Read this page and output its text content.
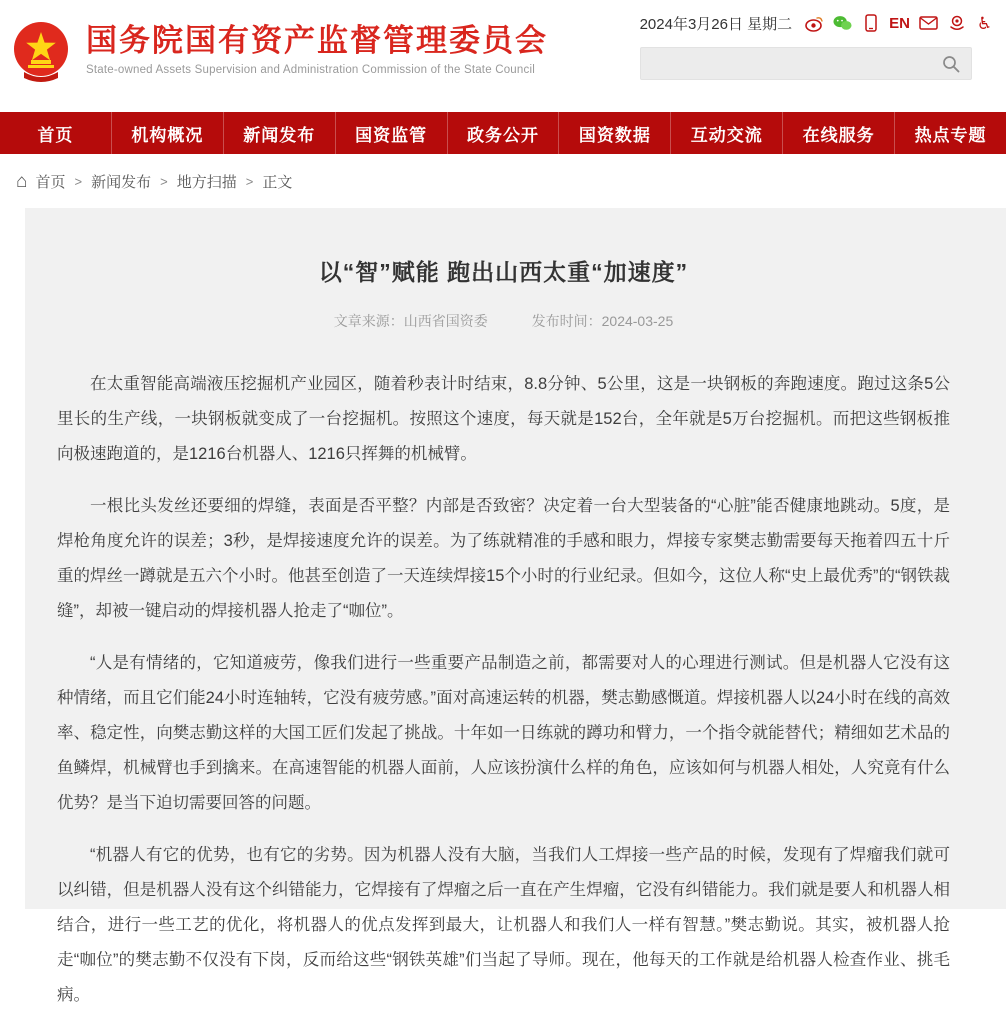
国务院国有资产监督管理委员会
State-owned Assets Supervision and Administration Commission of the State Council
2024年3月26日 星期二	EN	♿
首页	机构概况	新闻发布	国资监管	政务公开	国资数据	互动交流	在线服务	热点专题
⌂ 首页 > 新闻发布 > 地方扫描 > 正文
以“智”赋能 跑出山西太重“加速度”
文章来源：山西省国资委	发布时间：2024-03-25

在太重智能高端液压挖掘机产业园区，随着秒表计时结束，8.8分钟、5公里，这是一块钢板的奔跑速度。跑过这条5公里长的生产线，一块钢板就变成了一台挖掘机。按照这个速度，每天就是152台，全年就是5万台挖掘机。而把这些钢板推向极速跑道的，是1216台机器人、1216只挥舞的机械臂。

一根比头发丝还要细的焊缝，表面是否平整？内部是否致密？决定着一台大型装备的“心脏”能否健康地跳动。5度，是焊枪角度允许的误差；3秒，是焊接速度允许的误差。为了练就精准的手感和眼力，焊接专家樊志勤需要每天拖着四五十斤重的焊丝一蹲就是五六个小时。他甚至创造了一天连续焊接15个小时的行业纪录。但如今，这位人称“史上最优秀”的“钢铁裁缝”，却被一键启动的焊接机器人抢走了“咖位”。

“人是有情绪的，它知道疲劳，像我们进行一些重要产品制造之前，都需要对人的心理进行测试。但是机器人它没有这种情绪，而且它们能24小时连轴转，它没有疲劳感。”面对高速运转的机器，樊志勤感慨道。焊接机器人以24小时在线的高效率、稳定性，向樊志勤这样的大国工匠们发起了挑战。十年如一日练就的蹲功和臂力，一个指令就能替代；精细如艺术品的鱼鳞焊，机械臂也手到擒来。在高速智能的机器人面前，人应该扮演什么样的角色，应该如何与机器人相处，人究竟有什么优势？是当下迫切需要回答的问题。

“机器人有它的优势，也有它的劣势。因为机器人没有大脑，当我们人工焊接一些产品的时候，发现有了焊瘤我们就可以纠错，但是机器人没有这个纠错能力，它焊接有了焊瘤之后一直在产生焊瘤，它没有纠错能力。我们就是要人和机器人相结合，进行一些工艺的优化，将机器人的优点发挥到最大，让机器人和我们人一样有智慧。”樊志勤说。其实，被机器人抢走“咖位”的樊志勤不仅没有下岗，反而给这些“钢铁英雄”们当起了导师。现在，他每天的工作就是给机器人检查作业、挑毛病。
